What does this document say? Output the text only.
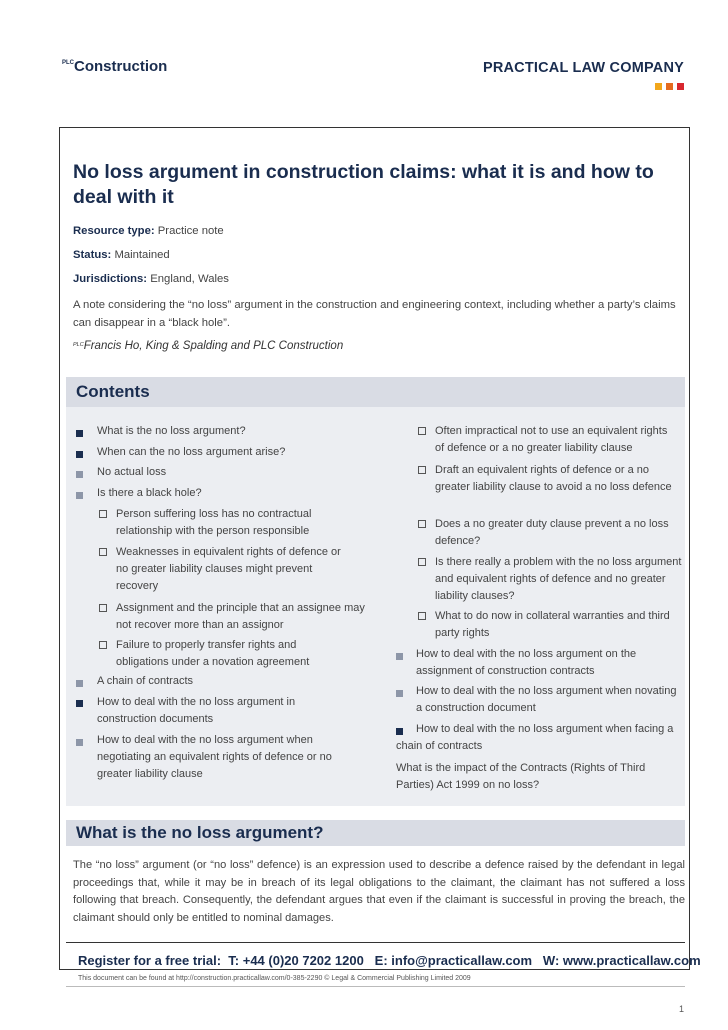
$^{PLC}$Construction	PRACTICAL LAW COMPANY
No loss argument in construction claims: what it is and how to deal with it
Resource type: Practice note
Status: Maintained
Jurisdictions: England, Wales
A note considering the “no loss” argument in the construction and engineering context, including whether a party’s claims can disappear in a “black hole”.
$^{PLC}$Francis Ho, King & Spalding and PLC Construction
Contents
What is the no loss argument?
When can the no loss argument arise?
No actual loss
Is there a black hole?
Person suffering loss has no contractual relationship with the person responsible
Weaknesses in equivalent rights of defence or no greater liability clauses might prevent recovery
Assignment and the principle that an assignee may not recover more than an assignor
Failure to properly transfer rights and obligations under a novation agreement
A chain of contracts
How to deal with the no loss argument in construction documents
How to deal with the no loss argument when negotiating an equivalent rights of defence or no greater liability clause
Often impractical not to use an equivalent rights of defence or a no greater liability clause
Draft an equivalent rights of defence or a no greater liability clause to avoid a no loss defence
Does a no greater duty clause prevent a no loss defence?
Is there really a problem with the no loss argument and equivalent rights of defence and no greater liability clauses?
What to do now in collateral warranties and third party rights
How to deal with the no loss argument on the assignment of construction contracts
How to deal with the no loss argument when novating a construction document
How to deal with the no loss argument when facing a chain of contracts
What is the impact of the Contracts (Rights of Third Parties) Act 1999 on no loss?
What is the no loss argument?
The “no loss” argument (or “no loss” defence) is an expression used to describe a defence raised by the defendant in legal proceedings that, while it may be in breach of its legal obligations to the claimant, the claimant has not suffered a loss following that breach. Consequently, the defendant argues that even if the claimant is successful in proving the breach, the claimant should only be entitled to nominal damages.
Register for a free trial: T: +44 (0)20 7202 1200 E: info@practicallaw.com W: www.practicallaw.com
This document can be found at http://construction.practicallaw.com/0-385-2290 © Legal & Commercial Publishing Limited 2009
1
